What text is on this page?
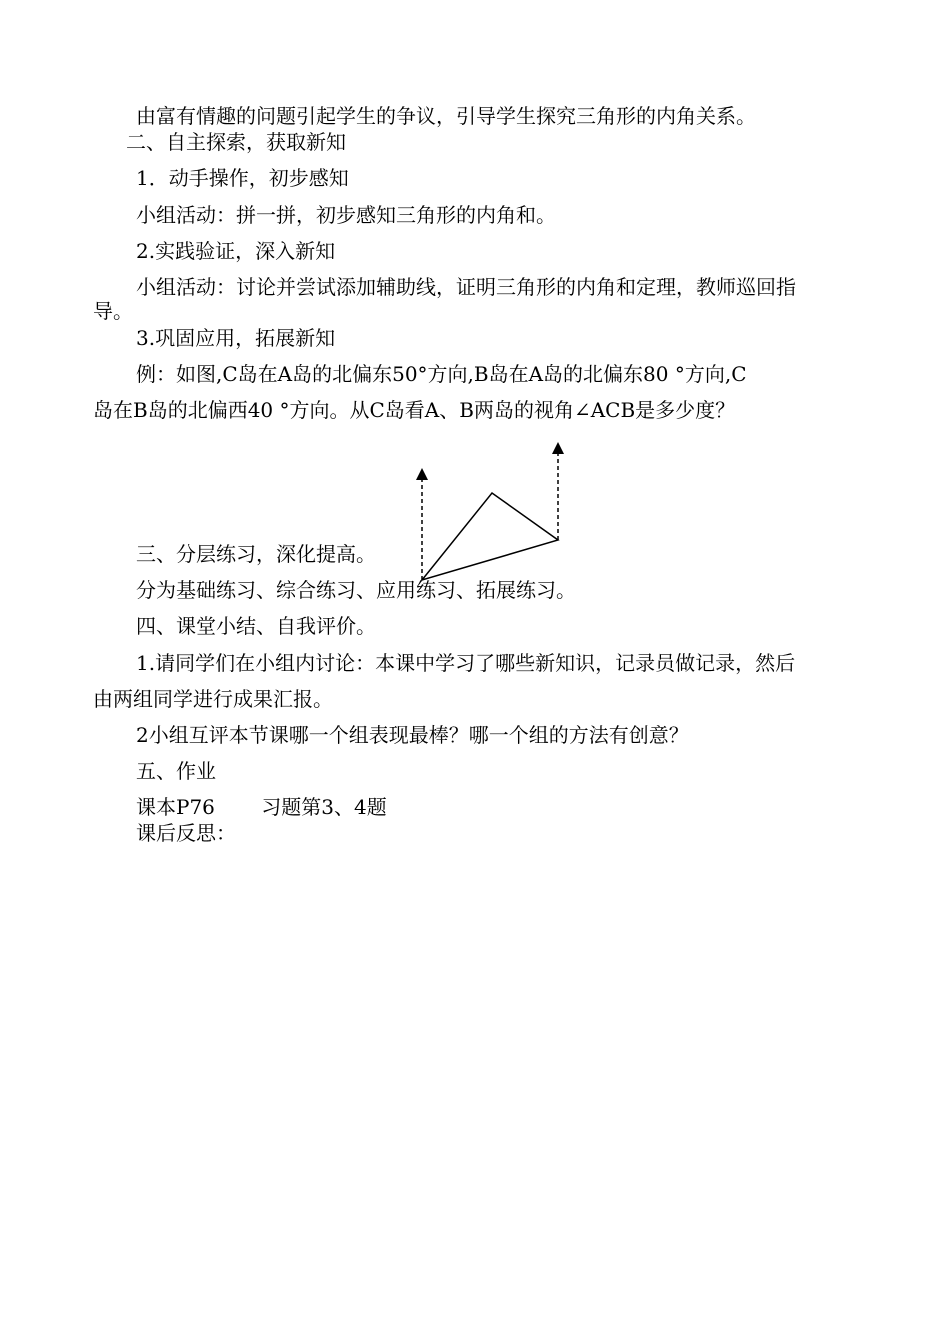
由富有情趣的问题引起学生的争议，引导学生探究三角形的内角关系。
二、自主探索，获取新知
1．动手操作，初步感知
小组活动：拼一拼，初步感知三角形的内角和。
2.实践验证，深入新知
小组活动：讨论并尝试添加辅助线，证明三角形的内角和定理，教师巡回指
导。
3.巩固应用，拓展新知
例：如图,C岛在A岛的北偏东50°方向,B岛在A岛的北偏东80 °方向,C
岛在B岛的北偏西40 °方向。从C岛看A、B两岛的视角∠ACB是多少度？
三、分层练习，深化提高。
分为基础练习、综合练习、应用练习、拓展练习。
四、课堂小结、自我评价。
1.请同学们在小组内讨论：本课中学习了哪些新知识，记录员做记录，然后
由两组同学进行成果汇报。
2小组互评本节课哪一个组表现最棒？哪一个组的方法有创意？
五、作业
课本P76　　 习题第3、4题
课后反思：
